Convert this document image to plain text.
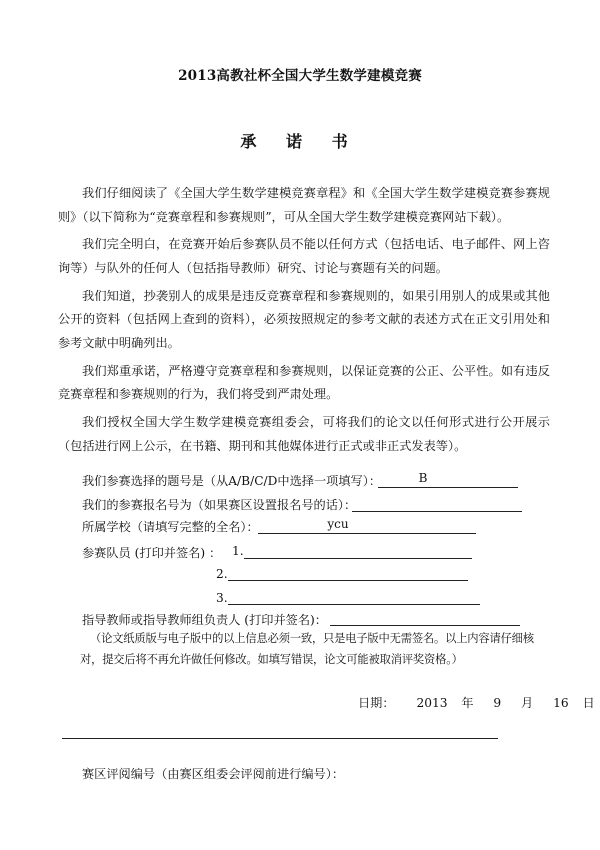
2013高教社杯全国大学生数学建模竞赛
承 诺 书

我们仔细阅读了《全国大学生数学建模竞赛章程》和《全国大学生数学建模竞赛参赛规则》（以下简称为“竞赛章程和参赛规则”，可从全国大学生数学建模竞赛网站下载）。

我们完全明白，在竞赛开始后参赛队员不能以任何方式（包括电话、电子邮件、网上咨询等）与队外的任何人（包括指导教师）研究、讨论与赛题有关的问题。

我们知道，抄袭别人的成果是违反竞赛章程和参赛规则的，如果引用别人的成果或其他公开的资料（包括网上查到的资料），必须按照规定的参考文献的表述方式在正文引用处和参考文献中明确列出。

我们郑重承诺，严格遵守竞赛章程和参赛规则，以保证竞赛的公正、公平性。如有违反竞赛章程和参赛规则的行为，我们将受到严肃处理。

我们授权全国大学生数学建模竞赛组委会，可将我们的论文以任何形式进行公开展示（包括进行网上公示，在书籍、期刊和其他媒体进行正式或非正式发表等）。

我们参赛选择的题号是（从A/B/C/D中选择一项填写）：	B
我们的参赛报名号为（如果赛区设置报名号的话）：
所属学校（请填写完整的全名）：	ycu
参赛队员 (打印并签名) ： 1.
2.
3.
指导教师或指导教师组负责人 (打印并签名)：
（论文纸质版与电子版中的以上信息必须一致，只是电子版中无需签名。以上内容请仔细核对，提交后将不再允许做任何修改。如填写错误，论文可能被取消评奖资格。）
日期： 2013 年 9 月 16 日
赛区评阅编号（由赛区组委会评阅前进行编号）：
